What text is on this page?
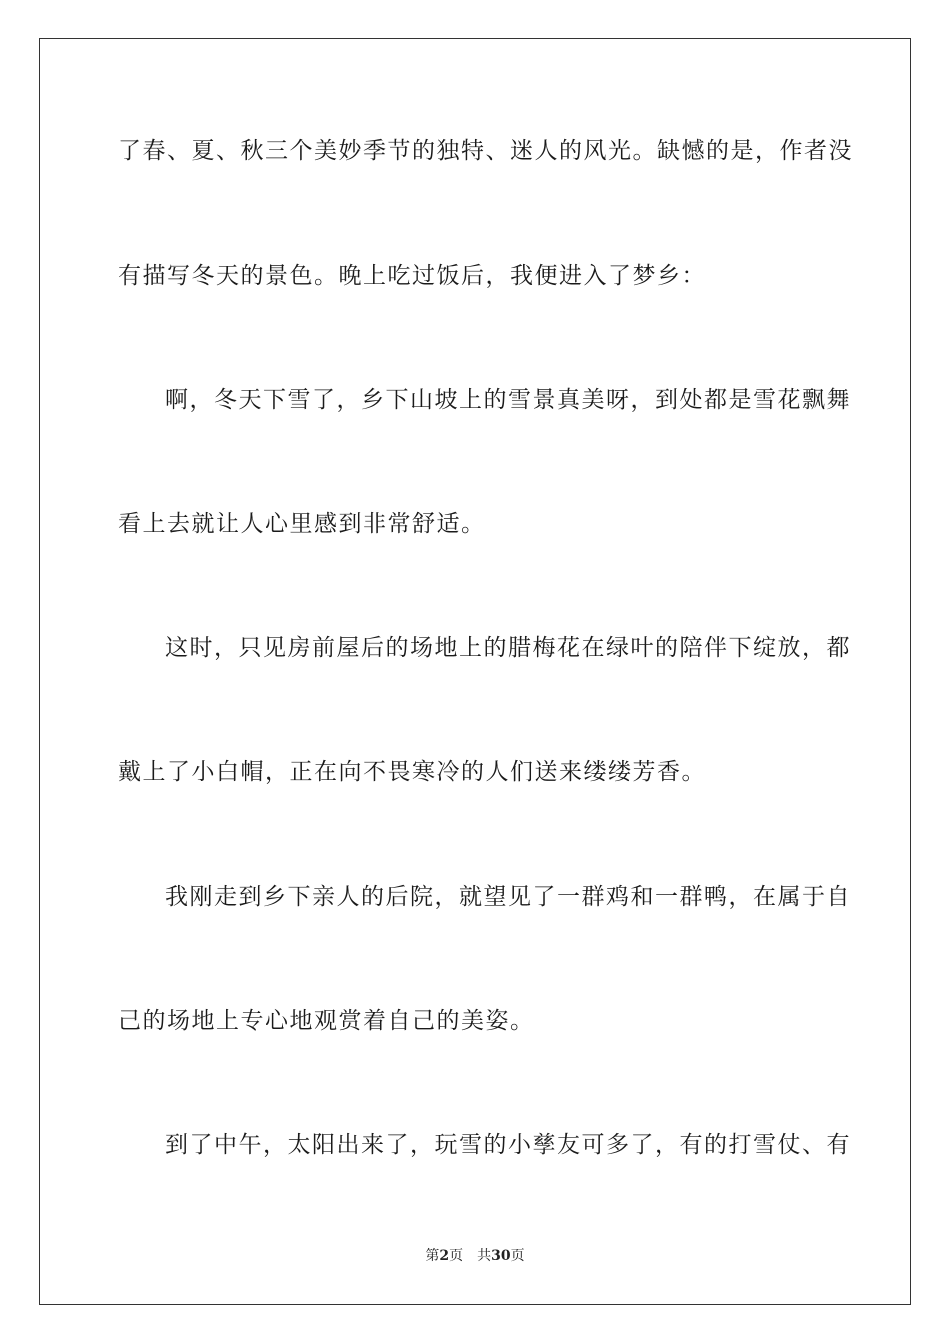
了春、夏、秋三个美妙季节的独特、迷人的风光。缺憾的是，作者没
有描写冬天的景色。晚上吃过饭后，我便进入了梦乡：
啊，冬天下雪了，乡下山坡上的雪景真美呀，到处都是雪花飘舞
看上去就让人心里感到非常舒适。
这时，只见房前屋后的场地上的腊梅花在绿叶的陪伴下绽放，都
戴上了小白帽，正在向不畏寒冷的人们送来缕缕芳香。
我刚走到乡下亲人的后院，就望见了一群鸡和一群鸭，在属于自
己的场地上专心地观赏着自己的美姿。
到了中午，太阳出来了，玩雪的小孳友可多了，有的打雪仗、有
第2页 共30页
